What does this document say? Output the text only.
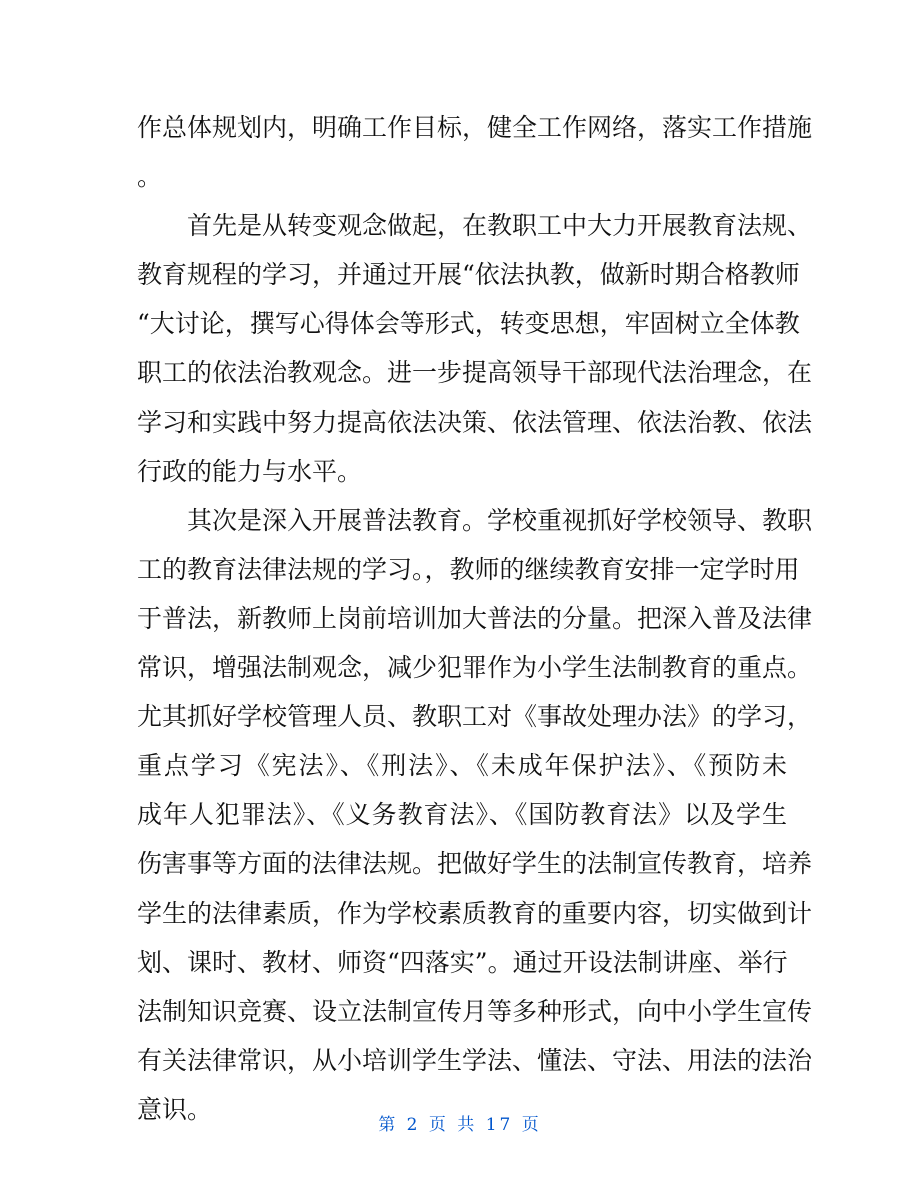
作总体规划内，明确工作目标，健全工作网络，落实工作措施
。
首先是从转变观念做起，在教职工中大力开展教育法规、
教育规程的学习，并通过开展“依法执教，做新时期合格教师
“大讨论，撰写心得体会等形式，转变思想，牢固树立全体教
职工的依法治教观念。进一步提高领导干部现代法治理念，在
学习和实践中努力提高依法决策、依法管理、依法治教、依法
行政的能力与水平。
其次是深入开展普法教育。学校重视抓好学校领导、教职
工的教育法律法规的学习。，教师的继续教育安排一定学时用
于普法，新教师上岗前培训加大普法的分量。把深入普及法律
常识，增强法制观念，减少犯罪作为小学生法制教育的重点。
尤其抓好学校管理人员、教职工对《事故处理办法》的学习，
重点学习《宪法》、《刑法》、《未成年保护法》、《预防未
成年人犯罪法》、《义务教育法》、《国防教育法》以及学生
伤害事等方面的法律法规。把做好学生的法制宣传教育，培养
学生的法律素质，作为学校素质教育的重要内容，切实做到计
划、课时、教材、师资“四落实”。通过开设法制讲座、举行
法制知识竞赛、设立法制宣传月等多种形式，向中小学生宣传
有关法律常识，从小培训学生学法、懂法、守法、用法的法治
意识。
第 2 页 共 17 页
